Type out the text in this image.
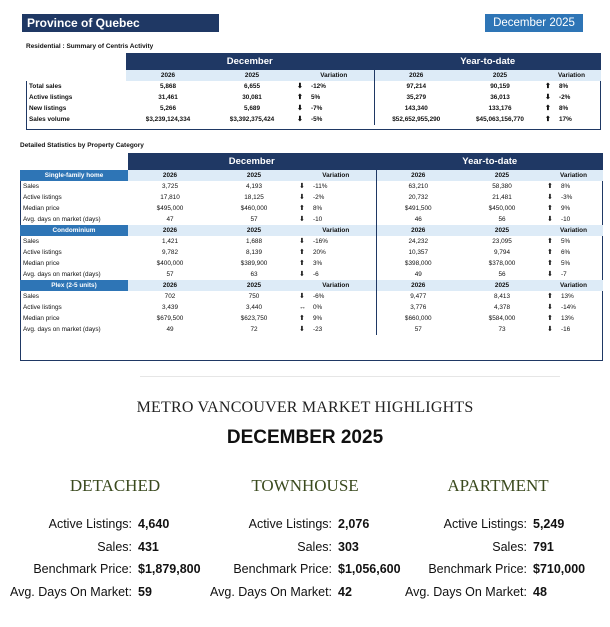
Province of Quebec	December 2025
Residential : Summary of Centris Activity
	December			Year-to-date		
	2026	2025	Variation	2026	2025	Variation
Total sales	5,868	6,655	⬇ -12%	97,214	90,159	⬆ 8%
Active listings	31,461	30,081	⬆ 5%	35,279	36,013	⬇ -2%
New listings	5,266	5,689	⬇ -7%	143,340	133,176	⬆ 8%
Sales volume	$3,239,124,334	$3,392,375,424	⬇ -5%	$52,652,955,290	$45,063,156,770	⬆ 17%
Detailed Statistics by Property Category
	December			Year-to-date		
Single-family home	2026	2025	Variation	2026	2025	Variation
Sales	3,725	4,193	⬇ -11%	63,210	58,380	⬆ 8%
Active listings	17,810	18,125	⬇ -2%	20,732	21,481	⬇ -3%
Median price	$495,000	$460,000	⬆ 8%	$491,500	$450,000	⬆ 9%
Avg. days on market (days)	47	57	⬇ -10	46	56	⬇ -10
Condominium	2026	2025	Variation	2026	2025	Variation
Sales	1,421	1,688	⬇ -16%	24,232	23,095	⬆ 5%
Active listings	9,782	8,139	⬆ 20%	10,357	9,794	⬆ 6%
Median price	$400,000	$389,900	⬆ 3%	$398,000	$378,000	⬆ 5%
Avg. days on market (days)	57	63	⬇ -6	49	56	⬇ -7
Plex (2-5 units)	2026	2025	Variation	2026	2025	Variation
Sales	702	750	⬇ -6%	9,477	8,413	⬆ 13%
Active listings	3,439	3,440	↔ 0%	3,776	4,378	⬇ -14%
Median price	$679,500	$623,750	⬆ 9%	$660,000	$584,000	⬆ 13%
Avg. days on market (days)	49	72	⬇ -23	57	73	⬇ -16
METRO VANCOUVER MARKET HIGHLIGHTS
DECEMBER 2025
DETACHED
Active Listings: 4,640
Sales: 431
Benchmark Price: $1,879,800
Avg. Days On Market: 59
TOWNHOUSE
Active Listings: 2,076
Sales: 303
Benchmark Price: $1,056,600
Avg. Days On Market: 42
APARTMENT
Active Listings: 5,249
Sales: 791
Benchmark Price: $710,000
Avg. Days On Market: 48
